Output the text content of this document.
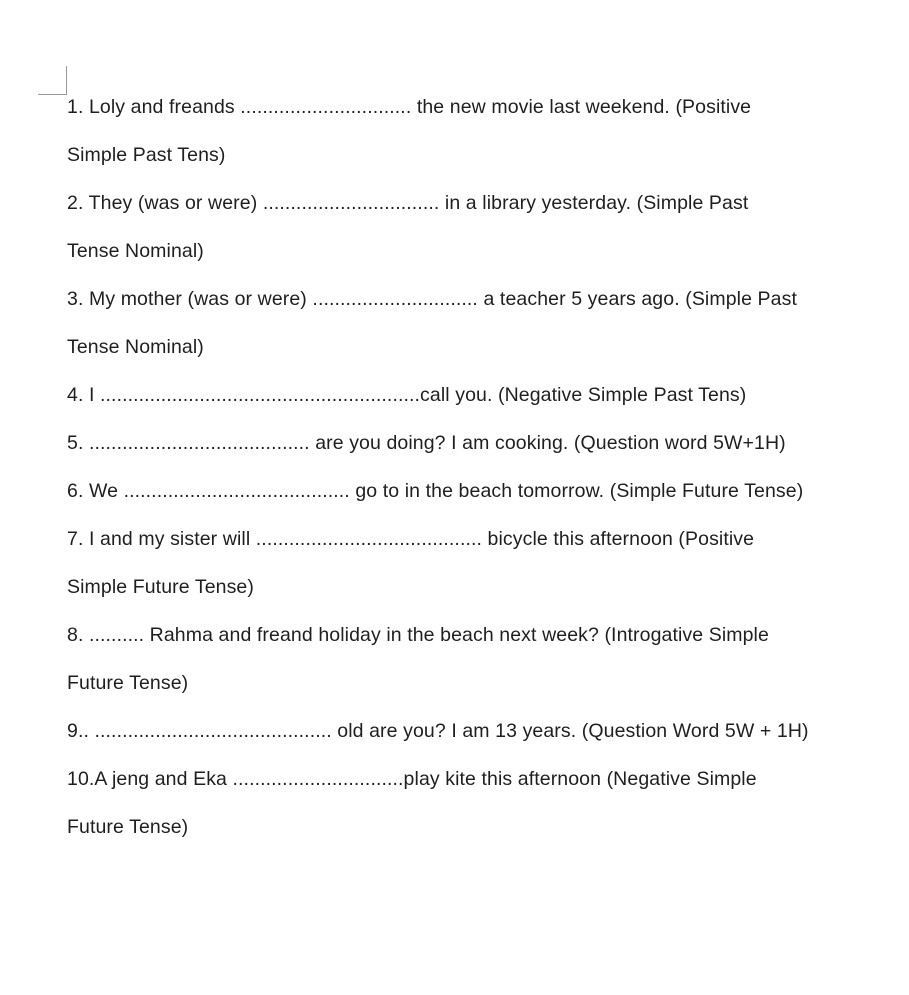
1. Loly and freands ............................... the new movie last weekend. (Positive
Simple Past Tens)
2. They (was or were) ................................ in a library yesterday. (Simple Past
Tense Nominal)
3. My mother (was or were) .............................. a teacher 5 years ago. (Simple Past
Tense Nominal)
4. I ..........................................................call you. (Negative Simple Past Tens)
5. ........................................ are you doing? I am cooking. (Question word 5W+1H)
6. We ......................................... go to in the beach tomorrow. (Simple Future Tense)
7. I and my sister will ......................................... bicycle this afternoon (Positive
Simple Future Tense)
8. .......... Rahma and freand holiday in the beach next week? (Introgative Simple
Future Tense)
9.. ........................................... old are you? I am 13 years. (Question Word 5W + 1H)
10.A jeng and Eka ...............................play kite this afternoon (Negative Simple
Future Tense)
